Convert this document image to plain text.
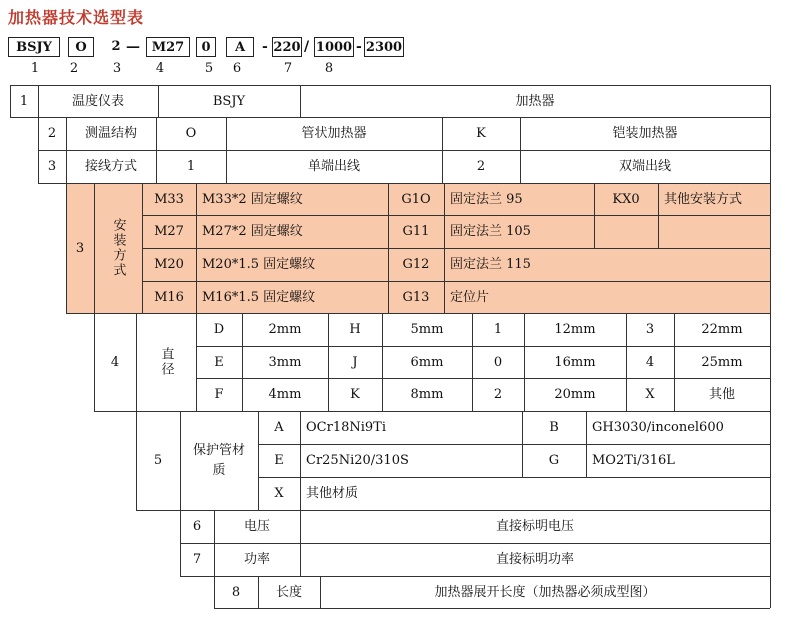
加热器技术选型表
BSJY	O	2 — M27	0	A	- 220 / 1000 - 2300
1 2	3	4	5 6	7	8
1	温度仪表	BSJY	加热器
2	测温结构	O	管状加热器	K	铠装加热器
3	接线方式	1	单端出线	2	双端出线
3	安装方式
M33	M33*2 固定螺纹	G1O	固定法兰 95	KX0	其他安装方式
M27	M27*2 固定螺纹	G11	固定法兰 105
M20	M20*1.5 固定螺纹	G12	固定法兰 115
M16	M16*1.5 固定螺纹	G13	定位片
4	直径
D	2mm	H	5mm	1	12mm	3	22mm
E	3mm	J	6mm	0	16mm	4	25mm
F	4mm	K	8mm	2	20mm	X	其他
5
保护管材质
A	OCr18Ni9Ti	B	GH3030/inconel600
E	Cr25Ni20/310S	G	MO2Ti/316L
X	其他材质
6	电压	直接标明电压
7	功率	直接标明功率
8	长度	加热器展开长度（加热器必须成型图）
